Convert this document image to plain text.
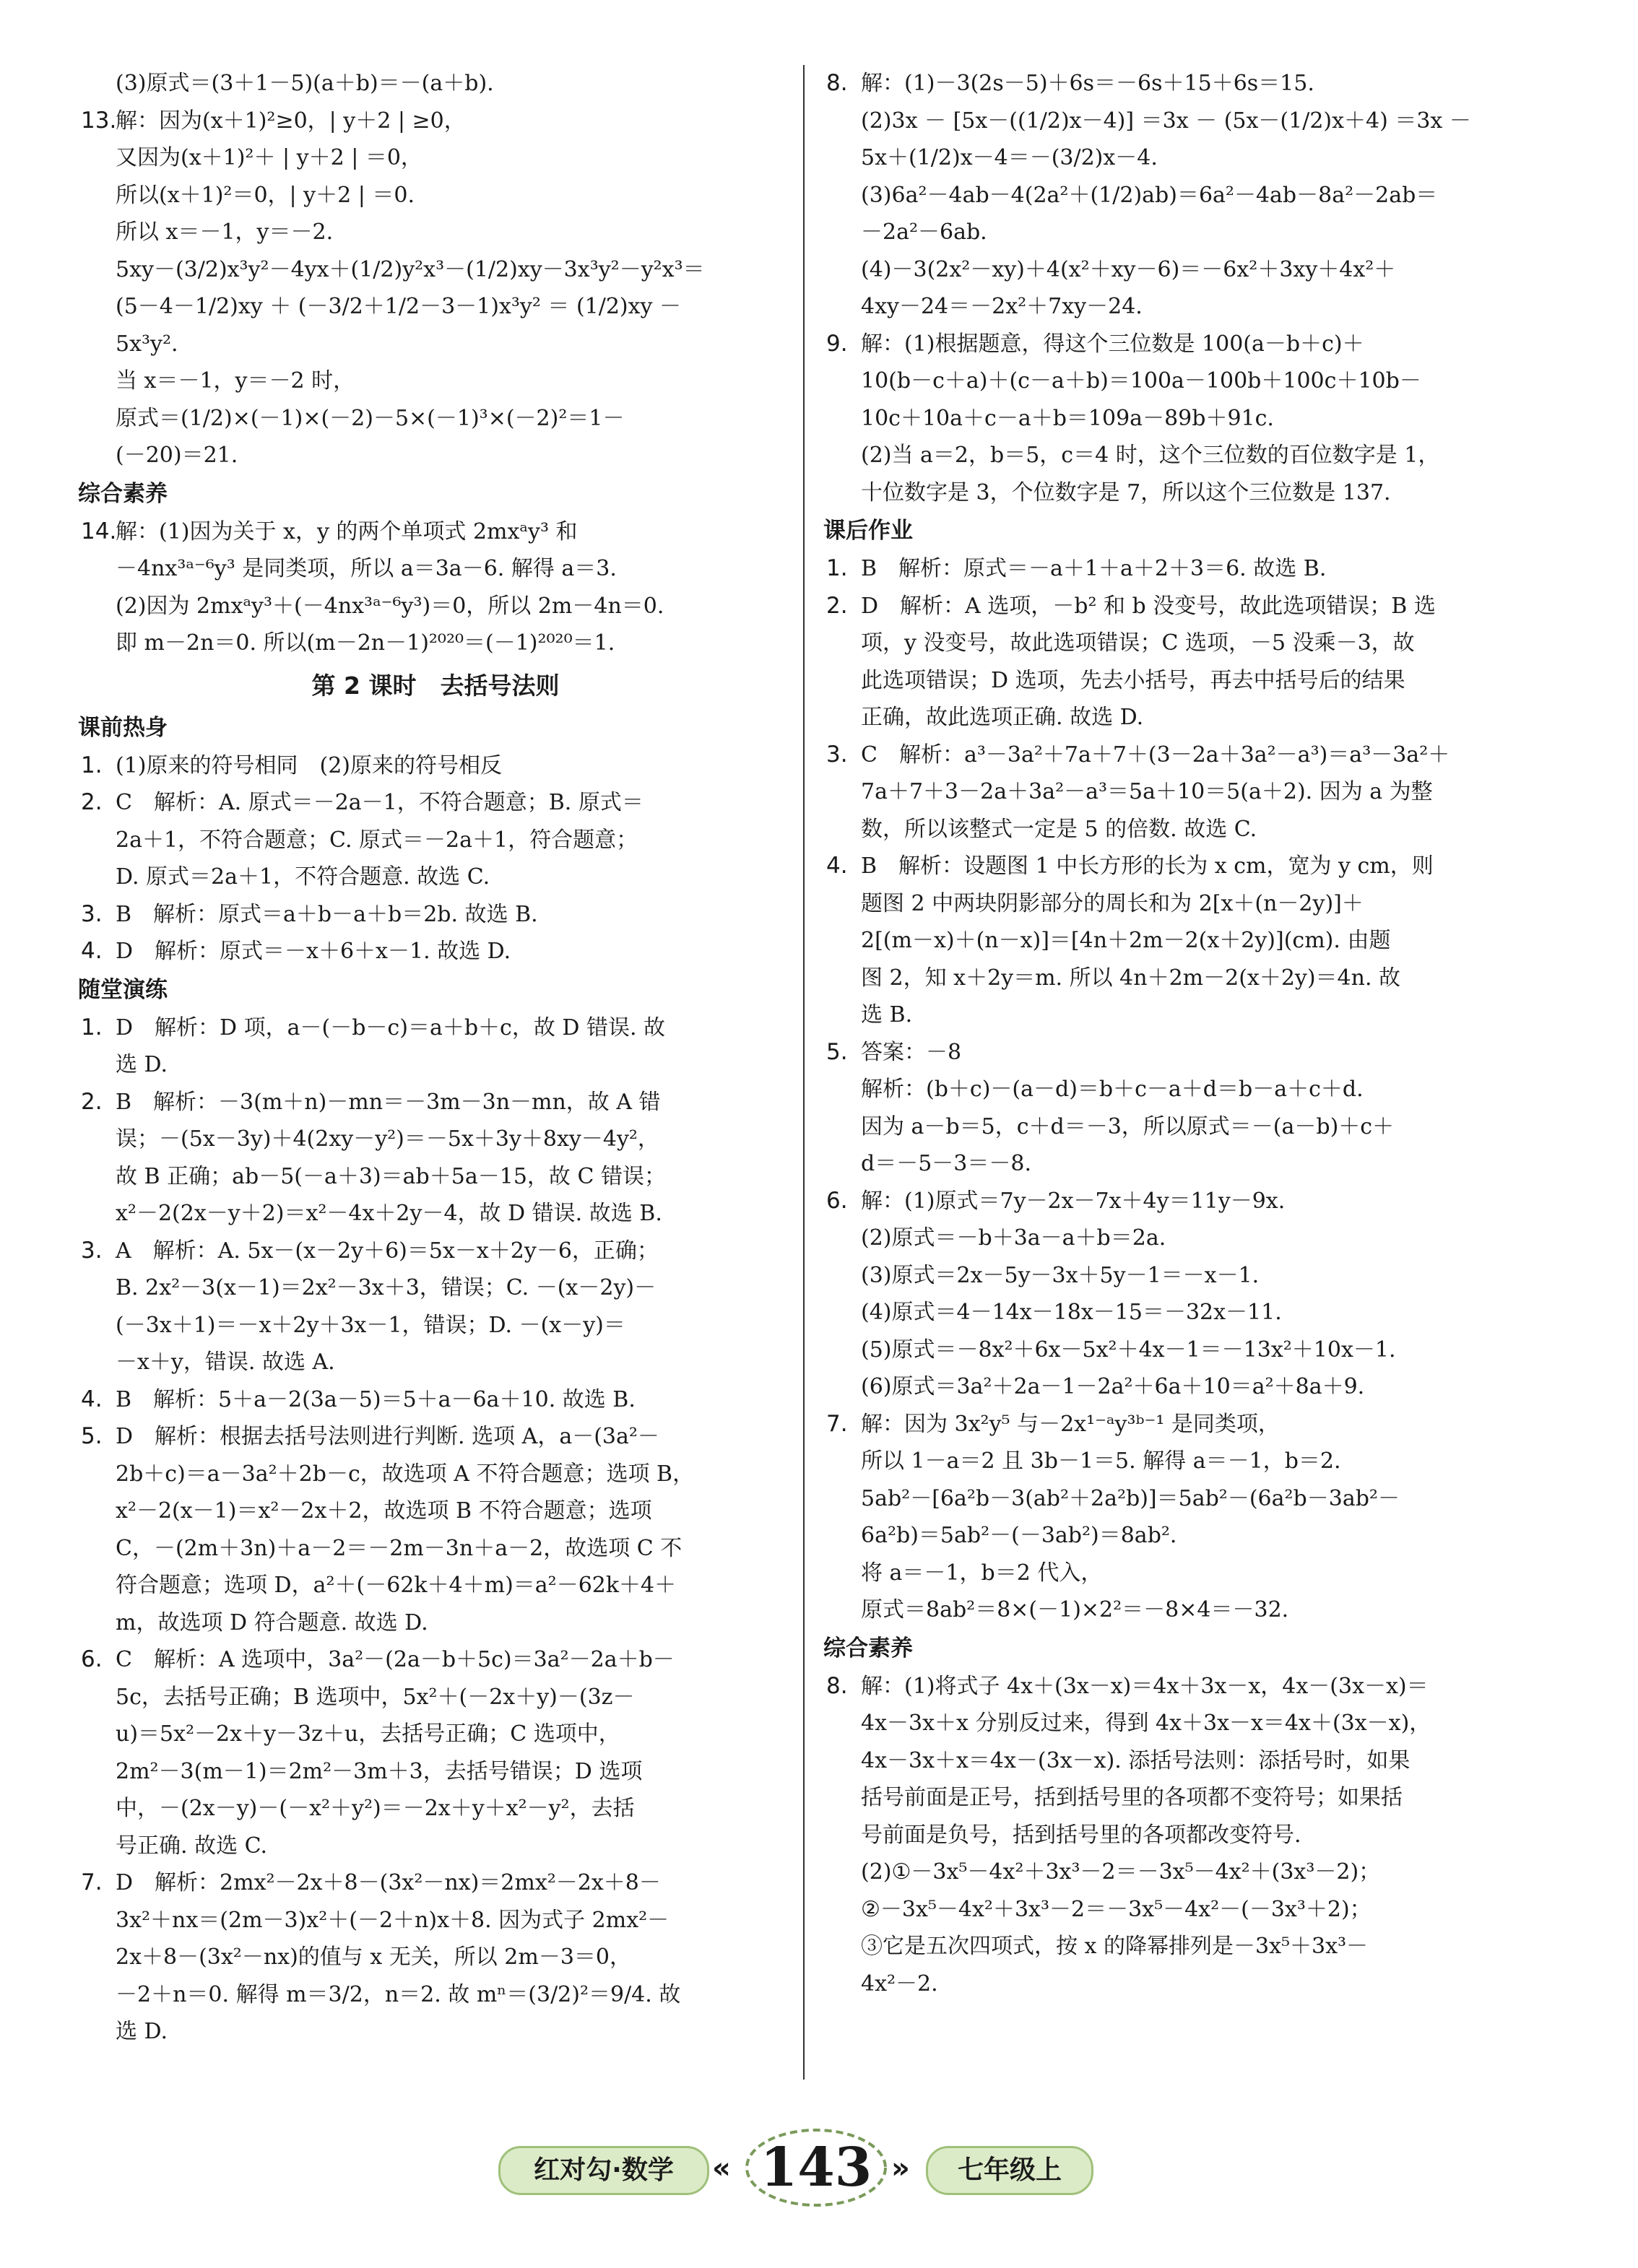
(3)原式＝(3＋1－5)(a＋b)＝－(a＋b).
13.
解：因为(x＋1)²≥0，| y＋2 | ≥0，
又因为(x＋1)²＋ | y＋2 | ＝0，
所以(x＋1)²＝0，| y＋2 | ＝0.
所以 x＝－1，y＝－2.
5xy－(3/2)x³y²－4yx＋(1/2)y²x³－(1/2)xy－3x³y²－y²x³＝
(5－4－1/2)xy ＋ (－3/2＋1/2－3－1)x³y² ＝ (1/2)xy －
5x³y².
当 x＝－1，y＝－2 时，
原式＝(1/2)×(－1)×(－2)－5×(－1)³×(－2)²＝1－
(－20)＝21.
综合素养
14.
解：(1)因为关于 x，y 的两个单项式 2mxᵃy³ 和
－4nx³ᵃ⁻⁶y³ 是同类项，所以 a＝3a－6. 解得 a＝3.
(2)因为 2mxᵃy³＋(－4nx³ᵃ⁻⁶y³)＝0，所以 2m－4n＝0.
即 m－2n＝0. 所以(m－2n－1)²⁰²⁰＝(－1)²⁰²⁰＝1.
第 2 课时　去括号法则
课前热身
1. (1)原来的符号相同　(2)原来的符号相反
2. C　解析：A. 原式＝－2a－1，不符合题意；B. 原式＝
2a＋1，不符合题意；C. 原式＝－2a＋1，符合题意；
D. 原式＝2a＋1，不符合题意. 故选 C.
3. B　解析：原式＝a＋b－a＋b＝2b. 故选 B.
4. D　解析：原式＝－x＋6＋x－1. 故选 D.
随堂演练
1. D　解析：D 项，a－(－b－c)＝a＋b＋c，故 D 错误. 故
选 D.
2. B　解析：－3(m＋n)－mn＝－3m－3n－mn，故 A 错
误；－(5x－3y)＋4(2xy－y²)＝－5x＋3y＋8xy－4y²，
故 B 正确；ab－5(－a＋3)＝ab＋5a－15，故 C 错误；
x²－2(2x－y＋2)＝x²－4x＋2y－4，故 D 错误. 故选 B.
3. A　解析：A. 5x－(x－2y＋6)＝5x－x＋2y－6，正确；
B. 2x²－3(x－1)＝2x²－3x＋3，错误；C. －(x－2y)－
(－3x＋1)＝－x＋2y＋3x－1，错误；D. －(x－y)＝
－x＋y，错误. 故选 A.
4. B　解析：5＋a－2(3a－5)＝5＋a－6a＋10. 故选 B.
5. D　解析：根据去括号法则进行判断. 选项 A，a－(3a²－
2b＋c)＝a－3a²＋2b－c，故选项 A 不符合题意；选项 B，
x²－2(x－1)＝x²－2x＋2，故选项 B 不符合题意；选项
C，－(2m＋3n)＋a－2＝－2m－3n＋a－2，故选项 C 不
符合题意；选项 D，a²＋(－62k＋4＋m)＝a²－62k＋4＋
m，故选项 D 符合题意. 故选 D.
6. C　解析：A 选项中，3a²－(2a－b＋5c)＝3a²－2a＋b－
5c，去括号正确；B 选项中，5x²＋(－2x＋y)－(3z－
u)＝5x²－2x＋y－3z＋u，去括号正确；C 选项中，
2m²－3(m－1)＝2m²－3m＋3，去括号错误；D 选项
中，－(2x－y)－(－x²＋y²)＝－2x＋y＋x²－y²，去括
号正确. 故选 C.
7. D　解析：2mx²－2x＋8－(3x²－nx)＝2mx²－2x＋8－
3x²＋nx＝(2m－3)x²＋(－2＋n)x＋8. 因为式子 2mx²－
2x＋8－(3x²－nx)的值与 x 无关，所以 2m－3＝0，
－2＋n＝0. 解得 m＝3/2，n＝2. 故 mⁿ＝(3/2)²＝9/4. 故
选 D.
8. 解：(1)－3(2s－5)＋6s＝－6s＋15＋6s＝15.
(2)3x － [5x－((1/2)x－4)] ＝3x － (5x－(1/2)x＋4) ＝3x －
5x＋(1/2)x－4＝－(3/2)x－4.
(3)6a²－4ab－4(2a²＋(1/2)ab)＝6a²－4ab－8a²－2ab＝
－2a²－6ab.
(4)－3(2x²－xy)＋4(x²＋xy－6)＝－6x²＋3xy＋4x²＋
4xy－24＝－2x²＋7xy－24.
9. 解：(1)根据题意，得这个三位数是 100(a－b＋c)＋
10(b－c＋a)＋(c－a＋b)＝100a－100b＋100c＋10b－
10c＋10a＋c－a＋b＝109a－89b＋91c.
(2)当 a＝2，b＝5，c＝4 时，这个三位数的百位数字是 1，
十位数字是 3，个位数字是 7，所以这个三位数是 137.
课后作业
1. B　解析：原式＝－a＋1＋a＋2＋3＝6. 故选 B.
2. D　解析：A 选项，－b² 和 b 没变号，故此选项错误；B 选
项，y 没变号，故此选项错误；C 选项，－5 没乘－3，故
此选项错误；D 选项，先去小括号，再去中括号后的结果
正确，故此选项正确. 故选 D.
3. C　解析：a³－3a²＋7a＋7＋(3－2a＋3a²－a³)＝a³－3a²＋
7a＋7＋3－2a＋3a²－a³＝5a＋10＝5(a＋2). 因为 a 为整
数，所以该整式一定是 5 的倍数. 故选 C.
4. B　解析：设题图 1 中长方形的长为 x cm，宽为 y cm，则
题图 2 中两块阴影部分的周长和为 2[x＋(n－2y)]＋
2[(m－x)＋(n－x)]＝[4n＋2m－2(x＋2y)](cm). 由题
图 2，知 x＋2y＝m. 所以 4n＋2m－2(x＋2y)＝4n. 故
选 B.
5. 答案：－8
解析：(b＋c)－(a－d)＝b＋c－a＋d＝b－a＋c＋d.
因为 a－b＝5，c＋d＝－3，所以原式＝－(a－b)＋c＋
d＝－5－3＝－8.
6. 解：(1)原式＝7y－2x－7x＋4y＝11y－9x.
(2)原式＝－b＋3a－a＋b＝2a.
(3)原式＝2x－5y－3x＋5y－1＝－x－1.
(4)原式＝4－14x－18x－15＝－32x－11.
(5)原式＝－8x²＋6x－5x²＋4x－1＝－13x²＋10x－1.
(6)原式＝3a²＋2a－1－2a²＋6a＋10＝a²＋8a＋9.
7. 解：因为 3x²y⁵ 与－2x¹⁻ᵃy³ᵇ⁻¹ 是同类项，
所以 1－a＝2 且 3b－1＝5. 解得 a＝－1，b＝2.
5ab²－[6a²b－3(ab²＋2a²b)]＝5ab²－(6a²b－3ab²－
6a²b)＝5ab²－(－3ab²)＝8ab².
将 a＝－1，b＝2 代入，
原式＝8ab²＝8×(－1)×2²＝－8×4＝－32.
综合素养
8. 解：(1)将式子 4x＋(3x－x)＝4x＋3x－x，4x－(3x－x)＝
4x－3x＋x 分别反过来，得到 4x＋3x－x＝4x＋(3x－x)，
4x－3x＋x＝4x－(3x－x). 添括号法则：添括号时，如果
括号前面是正号，括到括号里的各项都不变符号；如果括
号前面是负号，括到括号里的各项都改变符号.
(2)①－3x⁵－4x²＋3x³－2＝－3x⁵－4x²＋(3x³－2)；
②－3x⁵－4x²＋3x³－2＝－3x⁵－4x²－(－3x³＋2)；
③它是五次四项式，按 x 的降幂排列是－3x⁵＋3x³－
4x²－2.
红对勾·数学	« 143 »	七年级上
